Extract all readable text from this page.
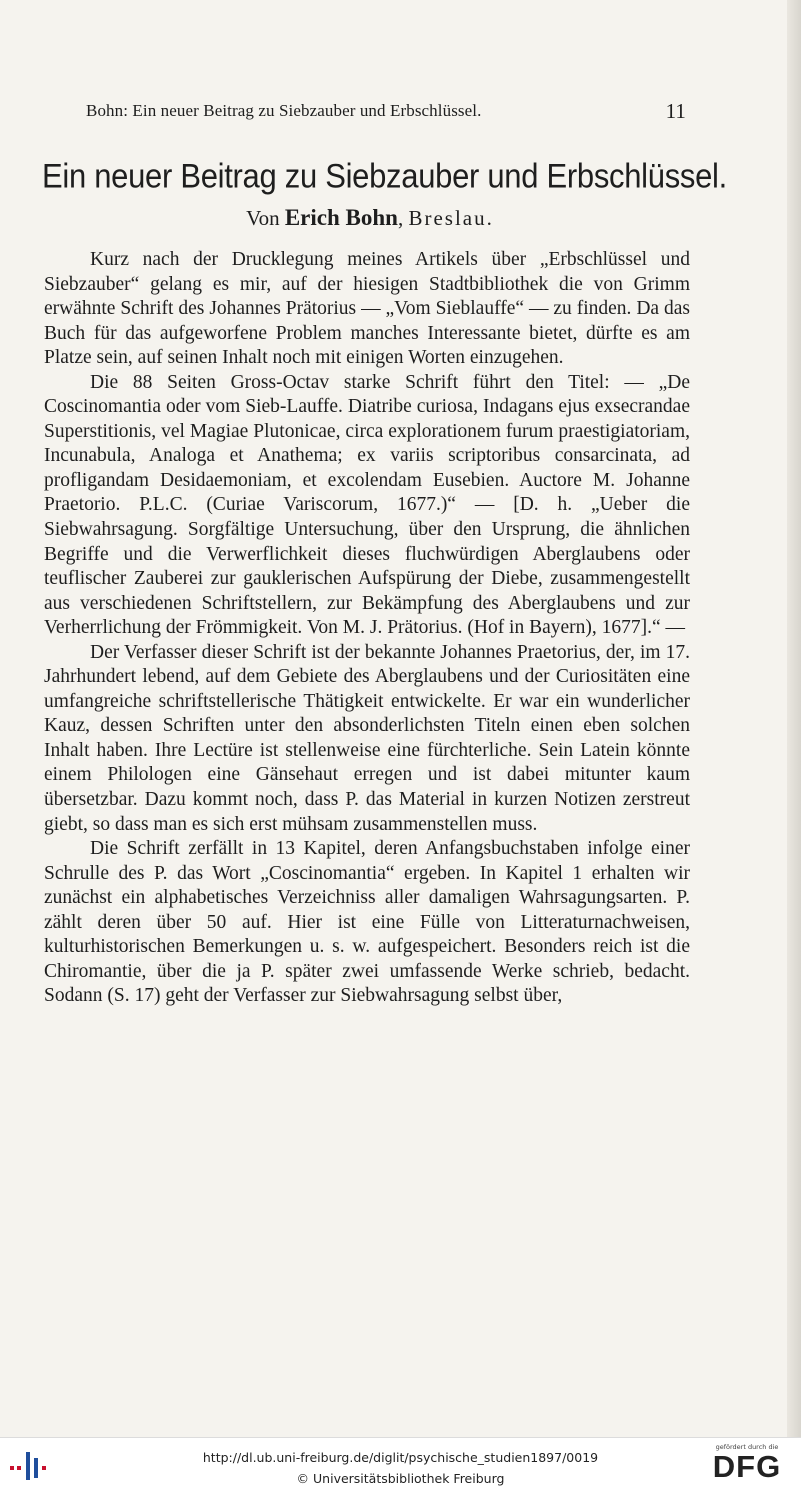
Bohn: Ein neuer Beitrag zu Siebzauber und Erbschlüssel.	11
Ein neuer Beitrag zu Siebzauber und Erbschlüssel.
Von Erich Bohn, Breslau.

Kurz nach der Drucklegung meines Artikels über „Erbschlüssel und Siebzauber“ gelang es mir, auf der hiesigen Stadtbibliothek die von Grimm erwähnte Schrift des Johannes Prätorius — „Vom Sieblauffe“ — zu finden. Da das Buch für das aufgeworfene Problem manches Interessante bietet, dürfte es am Platze sein, auf seinen Inhalt noch mit einigen Worten einzugehen.

Die 88 Seiten Gross-Octav starke Schrift führt den Titel: — „De Coscinomantia oder vom Sieb-Lauffe. Diatribe curiosa, Indagans ejus exsecrandae Superstitionis, vel Magiae Plutonicae, circa explorationem furum praestigiatoriam, Incunabula, Analoga et Anathema; ex variis scriptoribus consarcinata, ad profligandam Desidaemoniam, et excolendam Eusebien. Auctore M. Johanne Praetorio. P.L.C. (Curiae Variscorum, 1677.)“ — [D. h. „Ueber die Siebwahrsagung. Sorgfältige Untersuchung, über den Ursprung, die ähnlichen Begriffe und die Verwerflichkeit dieses fluchwürdigen Aberglaubens oder teuflischer Zauberei zur gauklerischen Aufspürung der Diebe, zusammengestellt aus verschiedenen Schriftstellern, zur Bekämpfung des Aberglaubens und zur Verherrlichung der Frömmigkeit. Von M. J. Prätorius. (Hof in Bayern), 1677].“ —

Der Verfasser dieser Schrift ist der bekannte Johannes Praetorius, der, im 17. Jahrhundert lebend, auf dem Gebiete des Aberglaubens und der Curiositäten eine umfangreiche schriftstellerische Thätigkeit entwickelte. Er war ein wunderlicher Kauz, dessen Schriften unter den absonderlichsten Titeln einen eben solchen Inhalt haben. Ihre Lectüre ist stellenweise eine fürchterliche. Sein Latein könnte einem Philologen eine Gänsehaut erregen und ist dabei mitunter kaum übersetzbar. Dazu kommt noch, dass P. das Material in kurzen Notizen zerstreut giebt, so dass man es sich erst mühsam zusammenstellen muss.

Die Schrift zerfällt in 13 Kapitel, deren Anfangsbuchstaben infolge einer Schrulle des P. das Wort „Coscinomantia“ ergeben. In Kapitel 1 erhalten wir zunächst ein alphabetisches Verzeichniss aller damaligen Wahrsagungsarten. P. zählt deren über 50 auf. Hier ist eine Fülle von Litteraturnachweisen, kulturhistorischen Bemerkungen u. s. w. aufgespeichert. Besonders reich ist die Chiromantie, über die ja P. später zwei umfassende Werke schrieb, bedacht. Sodann (S. 17) geht der Verfasser zur Siebwahrsagung selbst über,

http://dl.ub.uni-freiburg.de/diglit/psychische_studien1897/0019
© Universitätsbibliothek Freiburg
gefördert durch die
DFG
